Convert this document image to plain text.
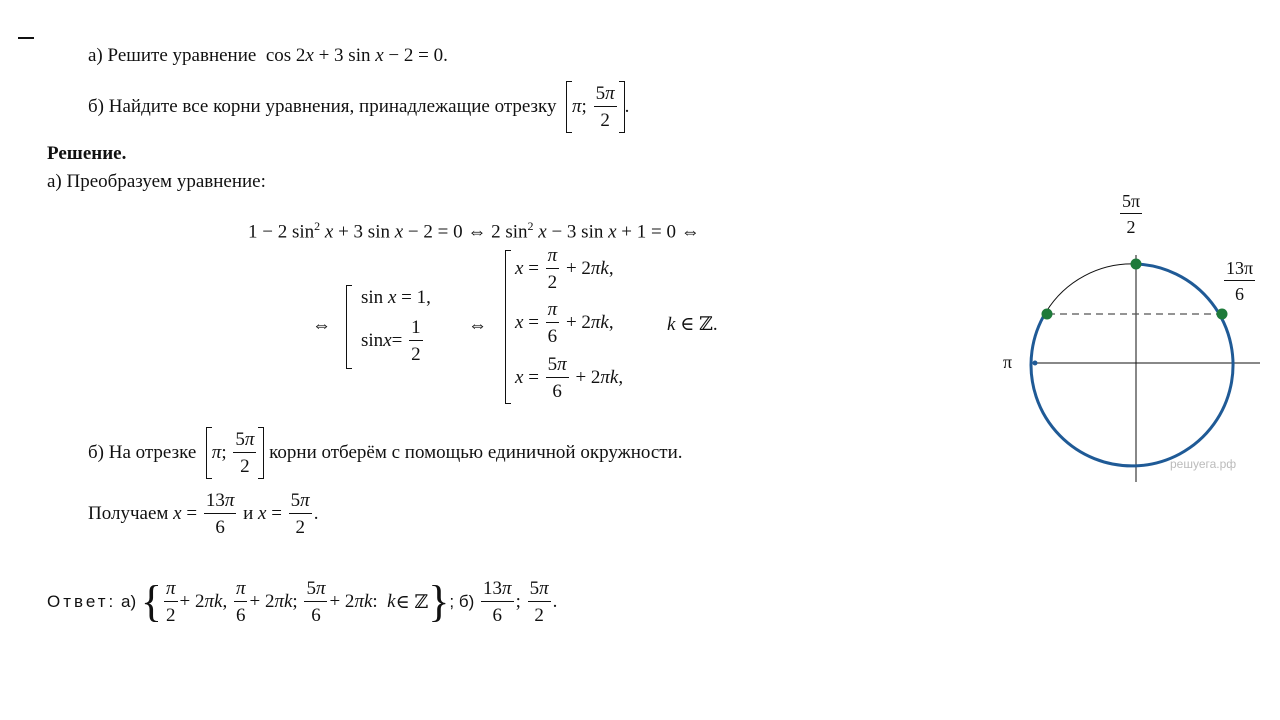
а) Решите уравнение cos 2x + 3 sin x − 2 = 0.
б) Найдите все корни уравнения, принадлежащие отрезку
π ; $\frac{5\pi}{2}$ .
Решение.
а) Преобразуем уравнение:
1 − 2 $\sin^2 x + 3$ sin x − 2 = 0 ⇔ 2 $\sin^2 x - 3$ sin x + 1 = 0 ⇔
⇔
sin x = 1,
$\sin x = \frac{1}{2}$ ⇔
$x = \frac{\pi}{2} + 2$ πk ,
$x = \frac{\pi}{6} + 2$ πk ,	k ∈ ℤ.
$x = \frac{5\pi}{6} + 2$ πk ,
б) На отрезке
π ; $\frac{5\pi}{2}$
корни отберём с помощью единичной окружности.
Получаем
$x = \frac{13\pi}{6}$
и
$x = \frac{5\pi}{2}$ .
Ответ:
а)
{ $\frac{\pi}{2} + 2$ πk , $\frac{\pi}{6} + 2$ πk ; $\frac{5\pi}{6} + 2$ πk : k ∈ ℤ } ; б)
$\frac{13\pi}{6}$ ; $\frac{5\pi}{2}$ .
$\frac{5\pi}{2}$
$\frac{13\pi}{6}$
π
решуега.рф
